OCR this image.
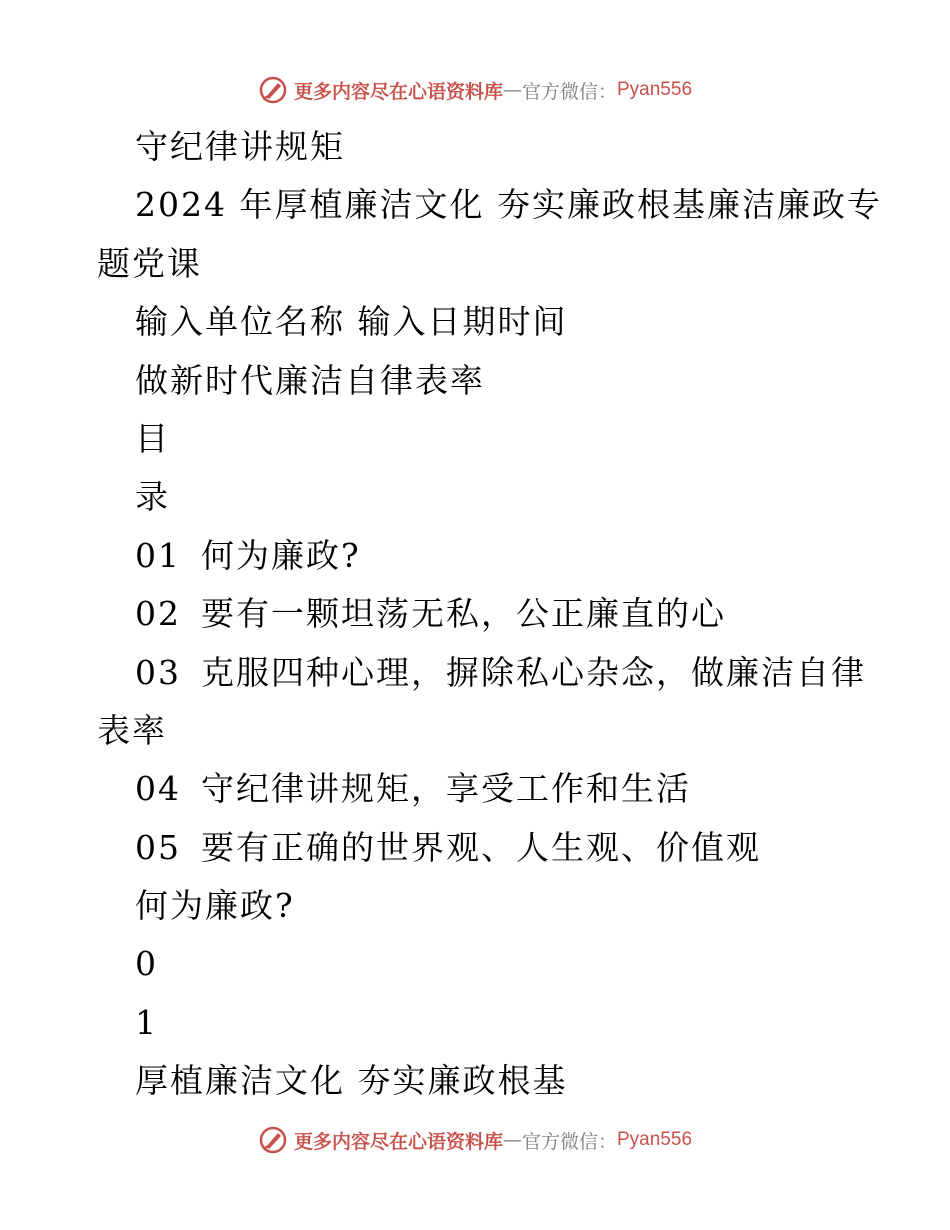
更多内容尽在心语资料库 — 官方微信： Pyan556
守纪律讲规矩
2024 年厚植廉洁文化 夯实廉政根基廉洁廉政专
题党课
输入单位名称 输入日期时间
做新时代廉洁自律表率
目
录
01 何为廉政?
02 要有一颗坦荡无私，公正廉直的心
03 克服四种心理，摒除私心杂念，做廉洁自律
表率
04 守纪律讲规矩，享受工作和生活
05 要有正确的世界观、人生观、价值观
何为廉政?
0
1
厚植廉洁文化 夯实廉政根基
更多内容尽在心语资料库 — 官方微信： Pyan556
